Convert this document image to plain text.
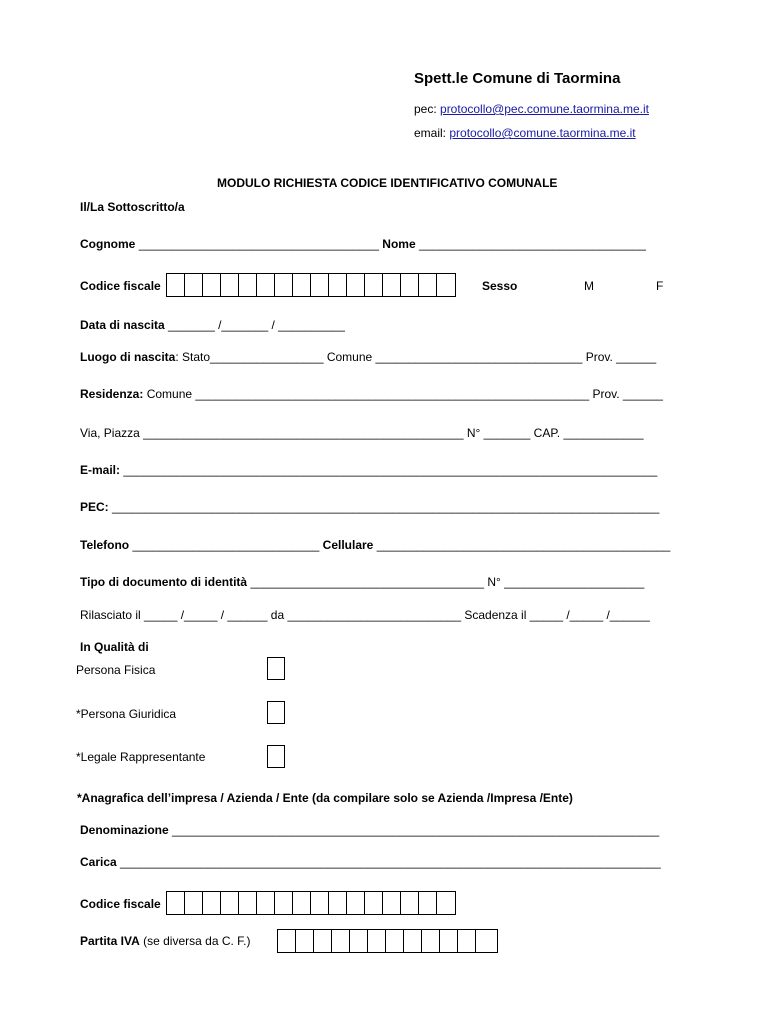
Spett.le Comune di Taormina
pec: protocollo@pec.comune.taormina.me.it
email: protocollo@comune.taormina.me.it
MODULO RICHIESTA CODICE IDENTIFICATIVO COMUNALE
Il/La Sottoscritto/a
Cognome ____________________________________ Nome __________________________________
Codice fiscale	Sesso	M	F
Data di nascita _______ /_______ / __________
Luogo di nascita: Stato_________________ Comune _______________________________ Prov. ______
Residenza: Comune ___________________________________________________________ Prov. ______
Via, Piazza ________________________________________________ N° _______ CAP. ____________
E-mail: ________________________________________________________________________________
PEC: __________________________________________________________________________________
Telefono ____________________________ Cellulare ____________________________________________
Tipo di documento di identità ___________________________________ N° _____________________
Rilasciato il _____ /_____ / ______ da __________________________ Scadenza il _____ /_____ /______
In Qualità di
Persona Fisica
*Persona Giuridica
*Legale Rappresentante
*Anagrafica dell’impresa / Azienda / Ente (da compilare solo se Azienda /Impresa /Ente)
Denominazione _________________________________________________________________________
Carica _________________________________________________________________________________
Codice fiscale
Partita IVA (se diversa da C. F.)
